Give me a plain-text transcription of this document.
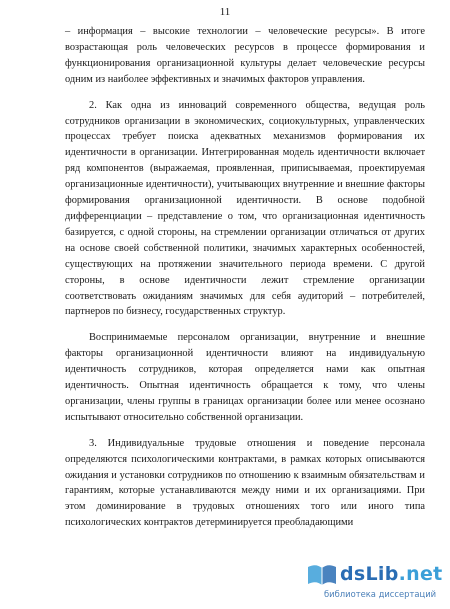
11

– информация – высокие технологии – человеческие ресурсы». В итоге возрастающая роль человеческих ресурсов в процессе формирования и функционирования организационной культуры делает человеческие ресурсы одним из наиболее эффективных и значимых факторов управления.

2. Как одна из инноваций современного общества, ведущая роль сотрудников организации в экономических, социокультурных, управленческих процессах требует поиска адекватных механизмов формирования их идентичности в организации. Интегрированная модель идентичности включает ряд компонентов (выражаемая, проявленная, приписываемая, проектируемая организационные идентичности), учитывающих внутренние и внешние факторы формирования организационной идентичности. В основе подобной дифференциации – представление о том, что организационная идентичность базируется, с одной стороны, на стремлении организации отличаться от других на основе своей собственной политики, значимых характерных особенностей, существующих на протяжении значительного периода времени. С другой стороны, в основе идентичности лежит стремление организации соответствовать ожиданиям значимых для себя аудиторий – потребителей, партнеров по бизнесу, государственных структур.

Воспринимаемые персоналом организации, внутренние и внешние факторы организационной идентичности влияют на индивидуальную идентичность сотрудников, которая определяется нами как опытная идентичность. Опытная идентичность обращается к тому, что члены организации, члены группы в границах организации более или менее осознано испытывают относительно собственной организации.

3. Индивидуальные трудовые отношения и поведение персонала определяются психологическими контрактами, в рамках которых описываются ожидания и установки сотрудников по отношению к взаимным обязательствам и гарантиям, которые устанавливаются между ними и их организациями. При этом доминирование в трудовых отношениях того или иного типа психологических контрактов детерминируется преобладающими

dsLib.net
библиотека диссертаций
